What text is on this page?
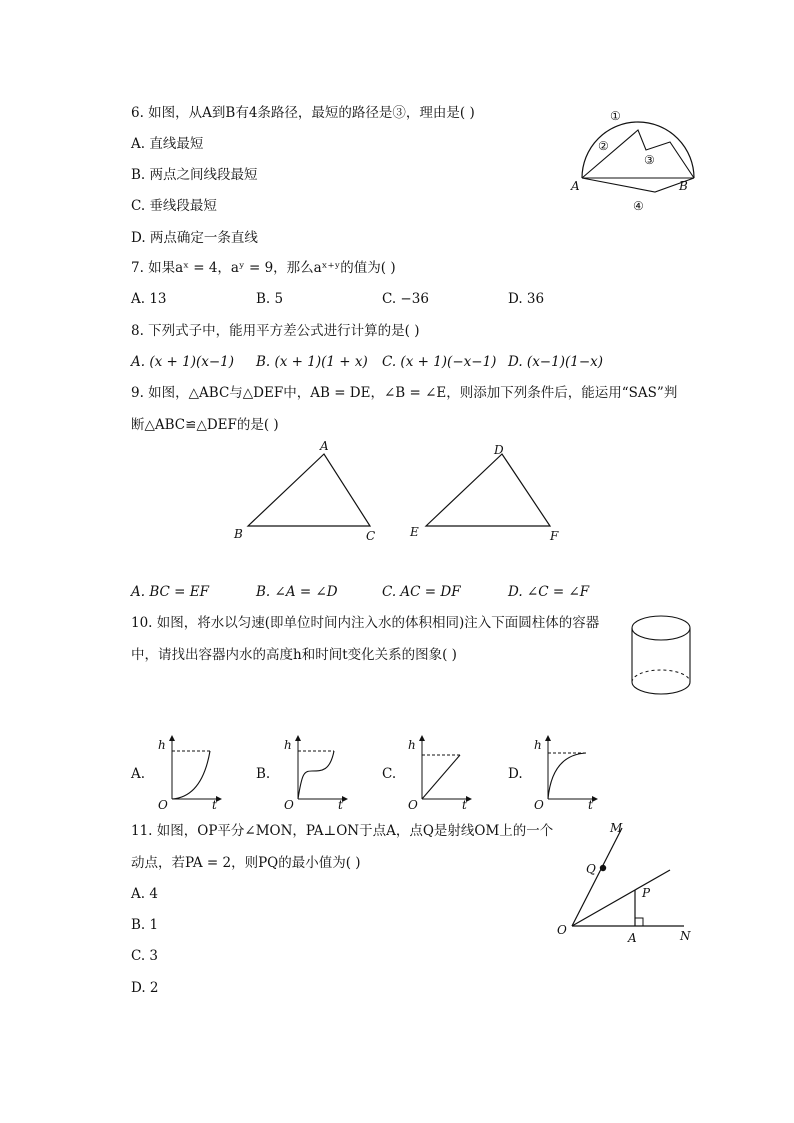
6. 如图，从A到B有4条路径，最短的路径是③，理由是( )
A. 直线最短
B. 两点之间线段最短
C. 垂线段最短
D. 两点确定一条直线
①
②
③
④
A	B
7. 如果aˣ = 4，aʸ = 9，那么aˣ⁺ʸ的值为( )
A. 13	B. 5	C. −36	D. 36
8. 下列式子中，能用平方差公式进行计算的是( )
A. (x + 1)(x−1) B. (x + 1)(1 + x) C. (x + 1)(−x−1) D. (x−1)(1−x)
9. 如图，△ABC与△DEF中，AB = DE，∠B = ∠E，则添加下列条件后，能运用“SAS”判
断△ABC≌△DEF的是( )
A
B	C
D
E	F
A. BC = EF	B. ∠A = ∠D	C. AC = DF	D. ∠C = ∠F
10. 如图，将水以匀速(即单位时间内注入水的体积相同)注入下面圆柱体的容器
中，请找出容器内水的高度h和时间t变化关系的图象( )
A.
h
O	t
B.
h
O	t
C.
h
O	t
D.
h
O	t
11. 如图，OP平分∠MON，PA⊥ON于点A，点Q是射线OM上的一个
动点，若PA = 2，则PQ的最小值为( )
A. 4
B. 1
C. 3
D. 2
M
Q
P
O
A	N
